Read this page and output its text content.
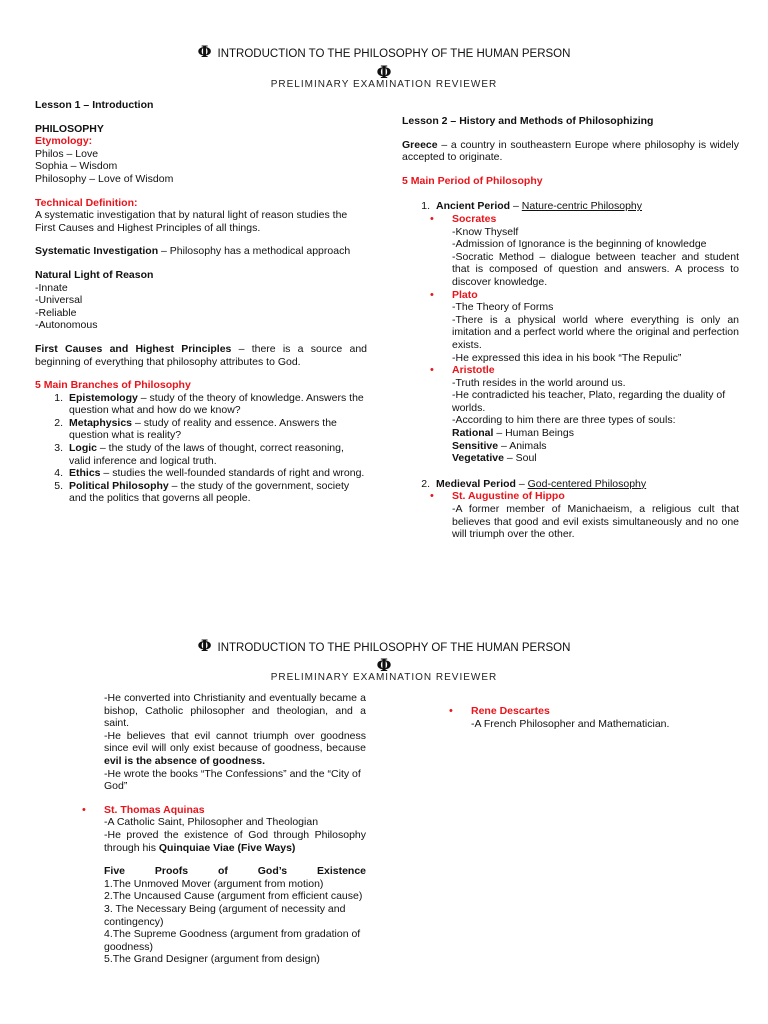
Φ INTRODUCTION TO THE PHILOSOPHY OF THE HUMAN PERSON
Φ
PRELIMINARY EXAMINATION REVIEWER
Lesson 1 – Introduction
PHILOSOPHY
Etymology:
Philos – Love
Sophia – Wisdom
Philosophy – Love of Wisdom
Technical Definition:
A systematic investigation that by natural light of reason studies the First Causes and Highest Principles of all things.
Systematic Investigation – Philosophy has a methodical approach
Natural Light of Reason
-Innate
-Universal
-Reliable
-Autonomous
First Causes and Highest Principles – there is a source and beginning of everything that philosophy attributes to God.
5 Main Branches of Philosophy
1. Epistemology – study of the theory of knowledge. Answers the question what and how do we know?
2. Metaphysics – study of reality and essence. Answers the question what is reality?
3. Logic – the study of the laws of thought, correct reasoning, valid inference and logical truth.
4. Ethics – studies the well-founded standards of right and wrong.
5. Political Philosophy – the study of the government, society and the politics that governs all people.
Lesson 2 – History and Methods of Philosophizing
Greece – a country in southeastern Europe where philosophy is widely accepted to originate.
5 Main Period of Philosophy
1. Ancient Period – Nature-centric Philosophy
• Socrates
-Know Thyself
-Admission of Ignorance is the beginning of knowledge
-Socratic Method – dialogue between teacher and student that is composed of question and answers. A process to discover knowledge.
• Plato
-The Theory of Forms
-There is a physical world where everything is only an imitation and a perfect world where the original and perfection exists.
-He expressed this idea in his book “The Repulic”
• Aristotle
-Truth resides in the world around us.
-He contradicted his teacher, Plato, regarding the duality of worlds.
-According to him there are three types of souls:
Rational – Human Beings
Sensitive – Animals
Vegetative – Soul
2. Medieval Period – God-centered Philosophy
• St. Augustine of Hippo
-A former member of Manichaeism, a religious cult that believes that good and evil exists simultaneously and no one will triumph over the other.
Φ INTRODUCTION TO THE PHILOSOPHY OF THE HUMAN PERSON
Φ
PRELIMINARY EXAMINATION REVIEWER
-He converted into Christianity and eventually became a bishop, Catholic philosopher and theologian, and a saint.
-He believes that evil cannot triumph over goodness since evil will only exist because of goodness, because evil is the absence of goodness.
-He wrote the books “The Confessions” and the “City of God”
• St. Thomas Aquinas
-A Catholic Saint, Philosopher and Theologian
-He proved the existence of God through Philosophy through his Quinquiae Viae (Five Ways)
Five Proofs of God’s Existence
1.The Unmoved Mover (argument from motion)
2.The Uncaused Cause (argument from efficient cause)
3. The Necessary Being (argument of necessity and contingency)
4.The Supreme Goodness (argument from gradation of goodness)
5.The Grand Designer (argument from design)
• Rene Descartes
-A French Philosopher and Mathematician.
